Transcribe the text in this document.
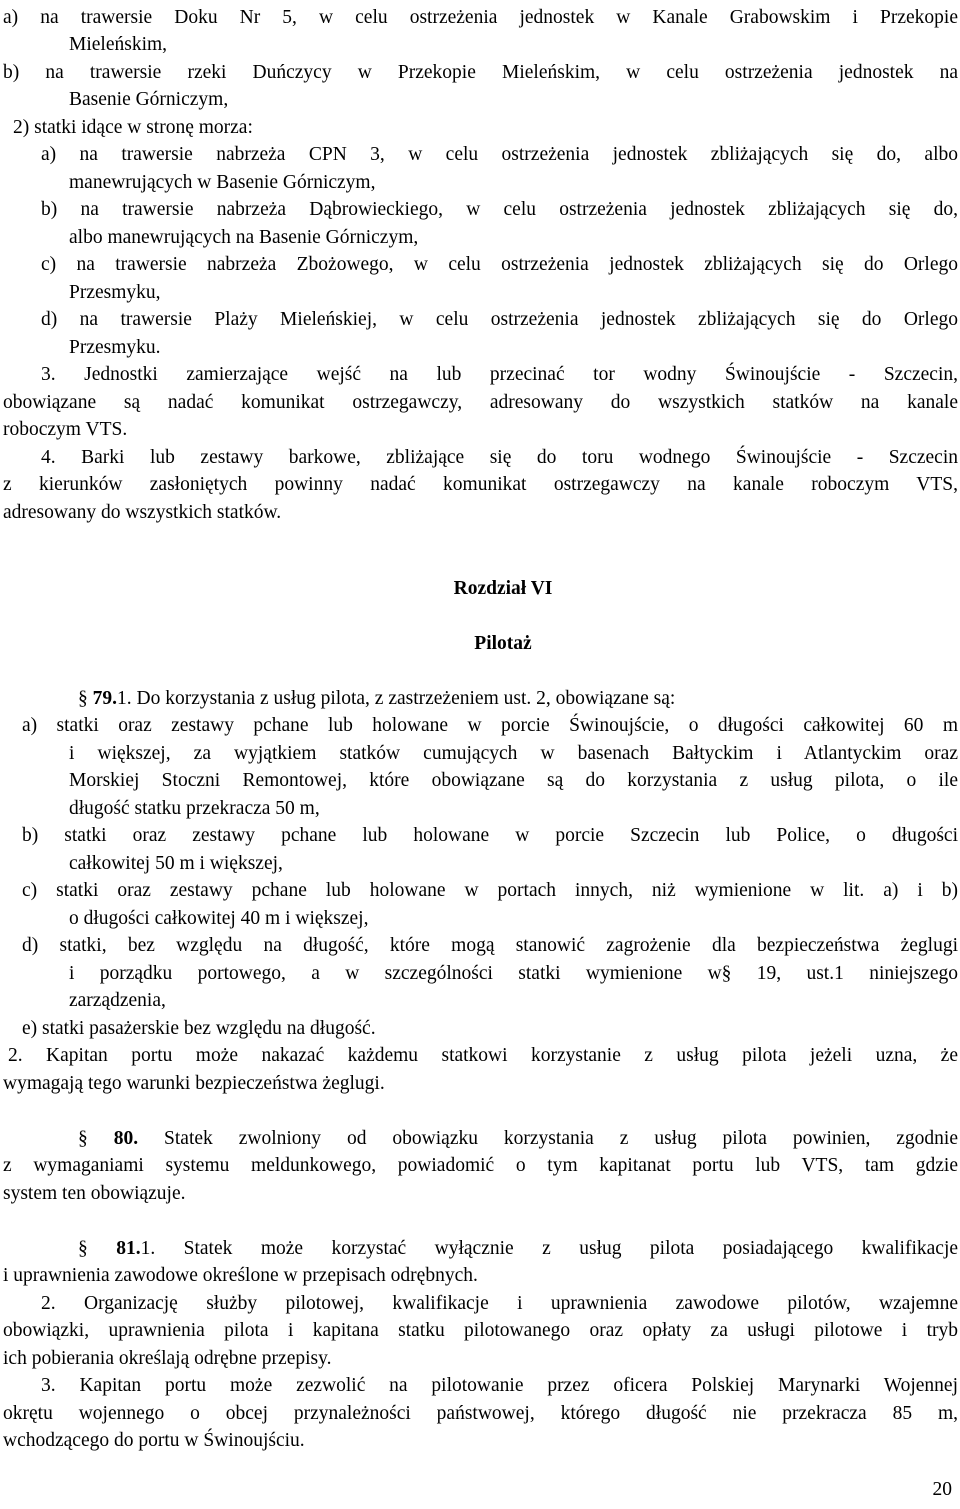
a) na trawersie Doku Nr 5, w celu ostrzeżenia jednostek w Kanale Grabowskim i Przekopie
Mieleńskim,
b) na trawersie rzeki Duńczycy w Przekopie Mieleńskim, w celu ostrzeżenia jednostek na
Basenie Górniczym,
2) statki idące w stronę morza:
a) na trawersie nabrzeża CPN 3, w celu ostrzeżenia jednostek zbliżających się do, albo
manewrujących w Basenie Górniczym,
b) na trawersie nabrzeża Dąbrowieckiego, w celu ostrzeżenia jednostek zbliżających się do,
albo manewrujących na Basenie Górniczym,
c) na trawersie nabrzeża Zbożowego, w celu ostrzeżenia jednostek zbliżających się do Orlego
Przesmyku,
d) na trawersie Plaży Mieleńskiej, w celu ostrzeżenia jednostek zbliżających się do Orlego
Przesmyku.
3. Jednostki zamierzające wejść na lub przecinać tor wodny Świnoujście - Szczecin,
obowiązane są nadać komunikat ostrzegawczy, adresowany do wszystkich statków na kanale
roboczym VTS.
4. Barki lub zestawy barkowe, zbliżające się do toru wodnego Świnoujście - Szczecin
z kierunków zasłoniętych powinny nadać komunikat ostrzegawczy na kanale roboczym VTS,
adresowany do wszystkich statków.
Rozdział VI
Pilotaż
§ 79.1. Do korzystania z usług pilota, z zastrzeżeniem ust. 2, obowiązane są:
a) statki oraz zestawy pchane lub holowane w porcie Świnoujście, o długości całkowitej 60 m
i większej, za wyjątkiem statków cumujących w basenach Bałtyckim i Atlantyckim oraz
Morskiej Stoczni Remontowej, które obowiązane są do korzystania z usług pilota, o ile
długość statku przekracza 50 m,
b) statki oraz zestawy pchane lub holowane w porcie Szczecin lub Police, o długości
całkowitej 50 m i większej,
c) statki oraz zestawy pchane lub holowane w portach innych, niż wymienione w lit. a) i b)
o długości całkowitej 40 m i większej,
d) statki, bez względu na długość, które mogą stanowić zagrożenie dla bezpieczeństwa żeglugi
i porządku portowego, a w szczególności statki wymienione w§ 19, ust.1 niniejszego
zarządzenia,
e) statki pasażerskie bez względu na długość.
2. Kapitan portu może nakazać każdemu statkowi korzystanie z usług pilota jeżeli uzna, że
wymagają tego warunki bezpieczeństwa żeglugi.
§ 80. Statek zwolniony od obowiązku korzystania z usług pilota powinien, zgodnie
z wymaganiami systemu meldunkowego, powiadomić o tym kapitanat portu lub VTS, tam gdzie
system ten obowiązuje.
§ 81.1. Statek może korzystać wyłącznie z usług pilota posiadającego kwalifikacje
i uprawnienia zawodowe określone w przepisach odrębnych.
2. Organizację służby pilotowej, kwalifikacje i uprawnienia zawodowe pilotów, wzajemne
obowiązki, uprawnienia pilota i kapitana statku pilotowanego oraz opłaty za usługi pilotowe i tryb
ich pobierania określają odrębne przepisy.
3. Kapitan portu może zezwolić na pilotowanie przez oficera Polskiej Marynarki Wojennej
okrętu wojennego o obcej przynależności państwowej, którego długość nie przekracza 85 m,
wchodzącego do portu w Świnoujściu.
20
